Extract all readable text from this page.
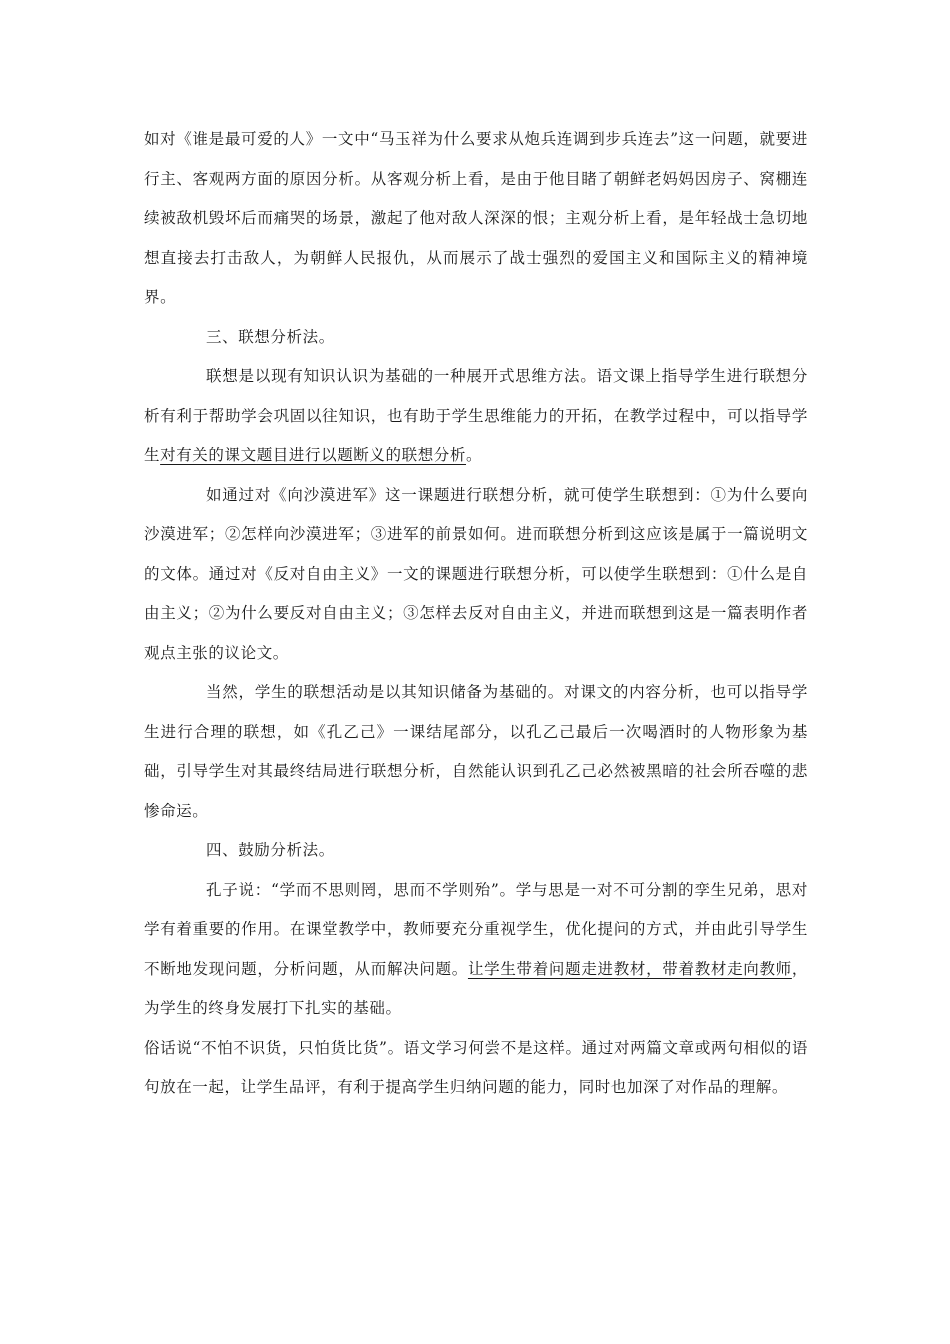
如对《谁是最可爱的人》一文中“马玉祥为什么要求从炮兵连调到步兵连去”这一问题，就要进行主、客观两方面的原因分析。从客观分析上看，是由于他目睹了朝鲜老妈妈因房子、窝棚连续被敌机毁坏后而痛哭的场景，激起了他对敌人深深的恨；主观分析上看，是年轻战士急切地想直接去打击敌人，为朝鲜人民报仇，从而展示了战士强烈的爱国主义和国际主义的精神境界。

三、联想分析法。

联想是以现有知识认识为基础的一种展开式思维方法。语文课上指导学生进行联想分析有利于帮助学会巩固以往知识，也有助于学生思维能力的开拓，在教学过程中，可以指导学生对有关的课文题目进行以题断义的联想分析。

如通过对《向沙漠进军》这一课题进行联想分析，就可使学生联想到：①为什么要向沙漠进军；②怎样向沙漠进军；③进军的前景如何。进而联想分析到这应该是属于一篇说明文的文体。通过对《反对自由主义》一文的课题进行联想分析，可以使学生联想到：①什么是自由主义；②为什么要反对自由主义；③怎样去反对自由主义，并进而联想到这是一篇表明作者观点主张的议论文。

当然，学生的联想活动是以其知识储备为基础的。对课文的内容分析，也可以指导学生进行合理的联想，如《孔乙己》一课结尾部分，以孔乙己最后一次喝酒时的人物形象为基础，引导学生对其最终结局进行联想分析，自然能认识到孔乙己必然被黑暗的社会所吞噬的悲惨命运。

四、鼓励分析法。

孔子说：“学而不思则罔，思而不学则殆”。学与思是一对不可分割的孪生兄弟，思对学有着重要的作用。在课堂教学中，教师要充分重视学生，优化提问的方式，并由此引导学生不断地发现问题，分析问题，从而解决问题。让学生带着问题走进教材，带着教材走向教师，为学生的终身发展打下扎实的基础。

俗话说“不怕不识货，只怕货比货”。语文学习何尝不是这样。通过对两篇文章或两句相似的语句放在一起，让学生品评，有利于提高学生归纳问题的能力，同时也加深了对作品的理解。
